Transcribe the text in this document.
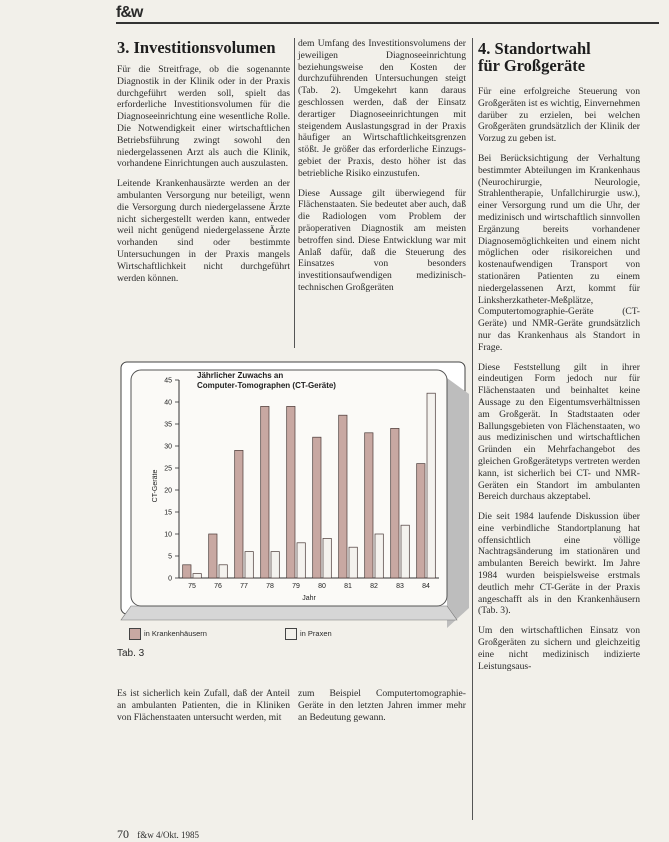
f&w
3. Investitionsvolumen

Für die Streitfrage, ob die sogenannte Diagnostik in der Klinik oder in der Praxis durchgeführt werden soll, spielt das erforderliche Investitionsvolumen für die Diagnoseeinrichtung eine wesentliche Rolle. Die Notwendigkeit einer wirtschaftlichen Betriebsführung zwingt sowohl den niedergelassenen Arzt als auch die Klinik, vorhandene Einrichtungen auch auszulasten.

Leitende Krankenhausärzte werden an der ambulanten Versorgung nur beteiligt, wenn die Versorgung durch niedergelassene Ärzte nicht sichergestellt werden kann, entweder weil nicht genügend niedergelassene Ärzte vorhanden sind oder bestimmte Untersuchungen in der Praxis mangels Wirtschaftlichkeit nicht durchgeführt werden können.

dem Umfang des Investitionsvolumens der jeweiligen Diagnoseeinrichtung beziehungsweise den Kosten der durchzuführenden Untersuchungen steigt (Tab. 2). Umgekehrt kann daraus geschlossen werden, daß der Einsatz derartiger Diagnoseeinrichtungen mit steigendem Auslastungsgrad in der Praxis häufiger an Wirtschaftlichkeitsgrenzen stößt. Je größer das erforderliche Einzugs-gebiet der Praxis, desto höher ist das betriebliche Risiko einzustufen.

Diese Aussage gilt überwiegend für Flächenstaaten. Sie bedeutet aber auch, daß die Radiologen vom Problem der präoperativen Diagnostik am meisten betroffen sind. Diese Entwicklung war mit Anlaß dafür, daß die Steuerung des Einsatzes von besonders investitionsaufwendigen medizinisch-technischen Großgeräten

4. Standortwahl
für Großgeräte

Für eine erfolgreiche Steuerung von Großgeräten ist es wichtig, Einvernehmen darüber zu erzielen, bei welchen Großgeräten grundsätzlich der Klinik der Vorzug zu geben ist.

Bei Berücksichtigung der Verhaltung bestimmter Abteilungen im Krankenhaus (Neurochirurgie, Neurologie, Strahlentherapie, Unfallchirurgie usw.), einer Versorgung rund um die Uhr, der medizinisch und wirtschaftlich sinnvollen Ergänzung bereits vorhandener Diagnosemöglichkeiten und einem nicht möglichen oder risikoreichen und kostenaufwendigen Transport von stationären Patienten zu einem niedergelassenen Arzt, kommt für Linksherzkatheter-Meßplätze, Computertomographie-Geräte (CT-Geräte) und NMR-Geräte grundsätzlich nur das Krankenhaus als Standort in Frage.

Diese Feststellung gilt in ihrer eindeutigen Form jedoch nur für Flächenstaaten und beinhaltet keine Aussage zu den Eigentumsverhältnissen am Großgerät. In Stadtstaaten oder Ballungsgebieten von Flächenstaaten, wo aus medizinischen und wirtschaftlichen Gründen ein Mehrfachangebot des gleichen Großgerätetyps vertreten werden kann, ist sicherlich bei CT- und NMR-Geräten ein Standort im ambulanten Bereich durchaus akzeptabel.

Die seit 1984 laufende Diskussion über eine verbindliche Standortplanung hat offensichtlich eine völlige Nachtragsänderung im stationären und ambulanten Bereich bewirkt. Im Jahre 1984 wurden beispielsweise erstmals deutlich mehr CT-Geräte in der Praxis angeschafft als in den Krankenhäusern (Tab. 3).

Um den wirtschaftlichen Einsatz von Großgeräten zu sichern und gleichzeitig eine nicht medizinisch indizierte Leistungsaus-

Jährlicher Zuwachs an
Computer-Tomographen (CT-Geräte)
0
5
10
15
20
25
30
35
40
45
75	76	77	78	79	80	81	82	83	84
CT-Geräte
Jahr
in Krankenhäusern	in Praxen
Tab. 3
Es ist sicherlich kein Zufall, daß der Anteil an ambulanten Patienten, die in Kliniken von Flächenstaaten untersucht werden, mit
zum Beispiel Computertomographie-Geräte in den letzten Jahren immer mehr an Bedeutung gewann.
70 f&w 4/Okt. 1985
